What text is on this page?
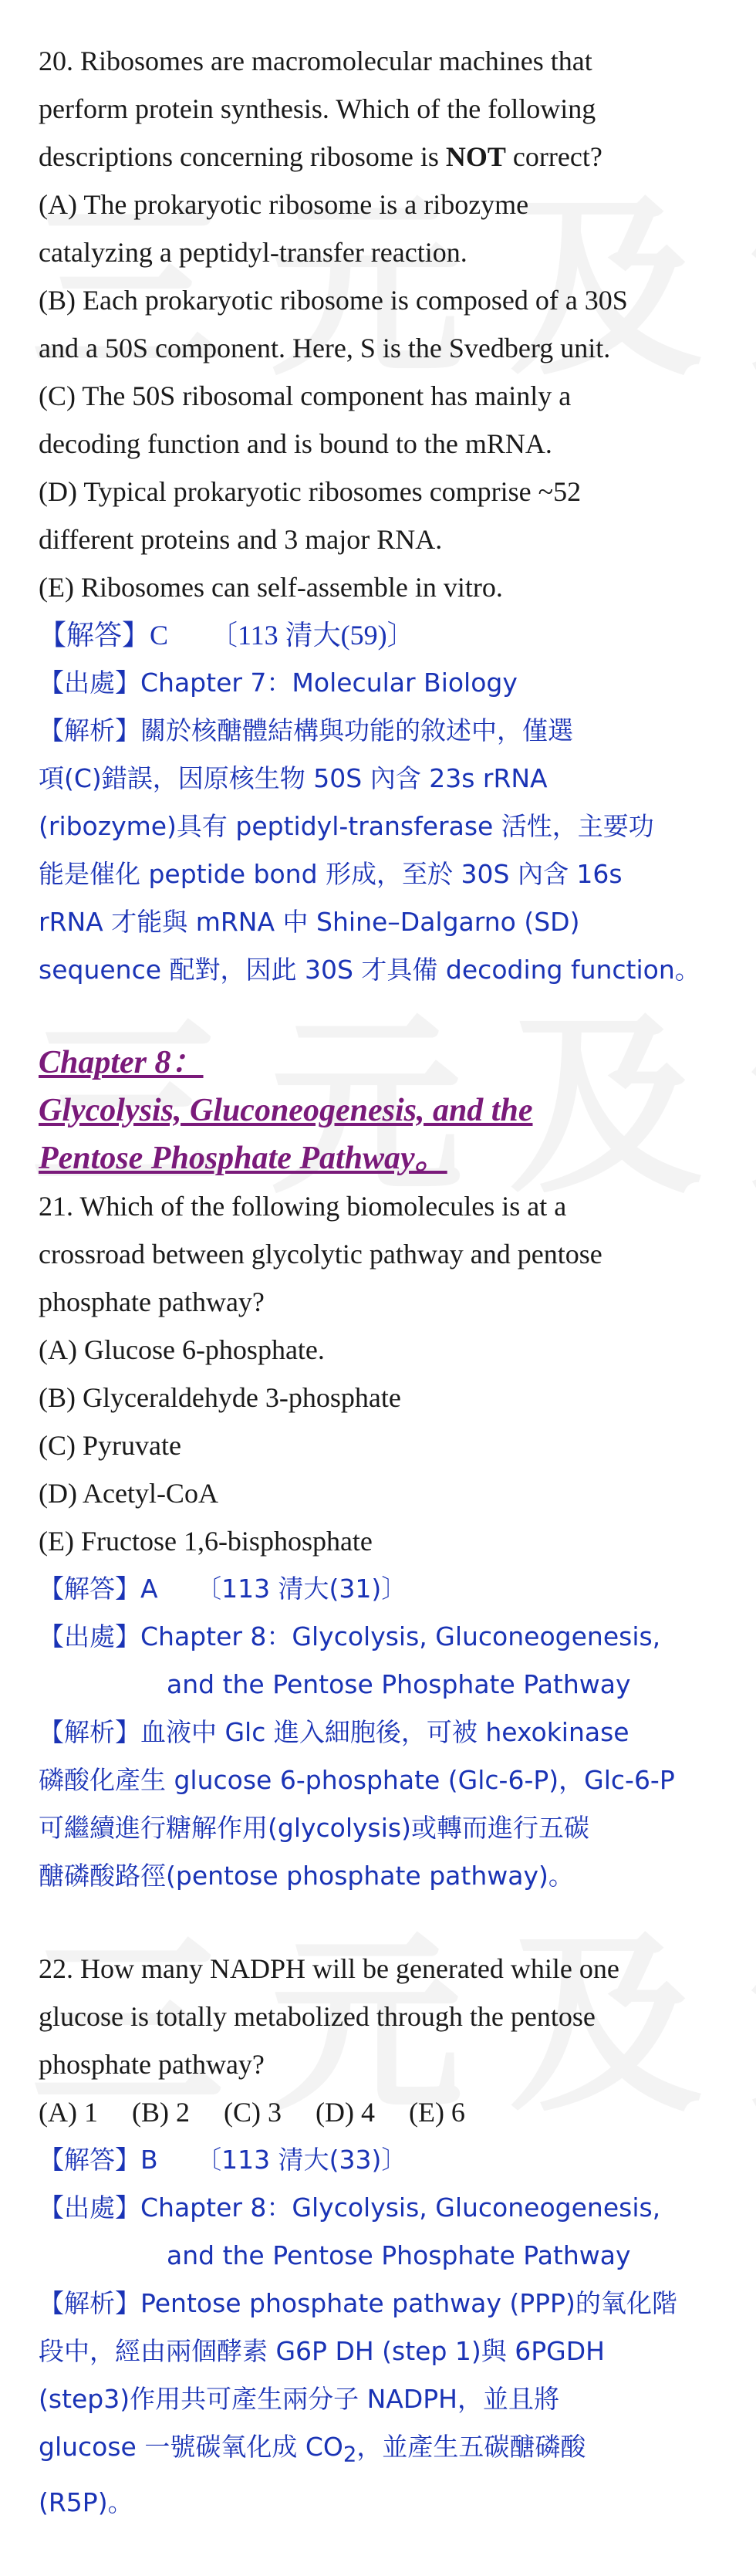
20. Ribosomes are macromolecular machines that

perform protein synthesis. Which of the following

descriptions concerning ribosome is NOT correct?

(A) The prokaryotic ribosome is a ribozyme

catalyzing a peptidyl-transfer reaction.

(B) Each prokaryotic ribosome is composed of a 30S

and a 50S component. Here, S is the Svedberg unit.

(C) The 50S ribosomal component has mainly a

decoding function and is bound to the mRNA.

(D) Typical prokaryotic ribosomes comprise ~52

different proteins and 3 major RNA.

(E) Ribosomes can self-assemble in vitro.

【解答】C　　〔113 清大(59)〕

【出處】Chapter 7：Molecular Biology

【解析】關於核醣體結構與功能的敘述中，僅選

項(C)錯誤，因原核生物 50S 內含 23s rRNA

(ribozyme)具有 peptidyl-transferase 活性，主要功

能是催化 peptide bond 形成，至於 30S 內含 16s

rRNA 才能與 mRNA 中 Shine–Dalgarno (SD)

sequence 配對，因此 30S 才具備 decoding function。

Chapter 8：

Glycolysis, Gluconeogenesis, and the

Pentose Phosphate Pathway。

21. Which of the following biomolecules is at a

crossroad between glycolytic pathway and pentose

phosphate pathway?

(A) Glucose 6-phosphate.

(B) Glyceraldehyde 3-phosphate

(C) Pyruvate

(D) Acetyl-CoA

(E) Fructose 1,6-bisphosphate

【解答】A　　〔113 清大(31)〕

【出處】Chapter 8：Glycolysis, Gluconeogenesis,

and the Pentose Phosphate Pathway

【解析】血液中 Glc 進入細胞後，可被 hexokinase

磷酸化產生 glucose 6-phosphate (Glc-6-P)，Glc-6-P

可繼續進行糖解作用(glycolysis)或轉而進行五碳

醣磷酸路徑(pentose phosphate pathway)。

22. How many NADPH will be generated while one

glucose is totally metabolized through the pentose

phosphate pathway?

(A) 1 (B) 2 (C) 3 (D) 4 (E) 6

【解答】B　　〔113 清大(33)〕

【出處】Chapter 8：Glycolysis, Gluconeogenesis,

and the Pentose Phosphate Pathway

【解析】Pentose phosphate pathway (PPP)的氧化階

段中，經由兩個酵素 G6P DH (step 1)與 6PGDH

(step3)作用共可產生兩分子 NADPH，並且將

glucose 一號碳氧化成 $CO_2$，並產生五碳醣磷酸

(R5P)。
